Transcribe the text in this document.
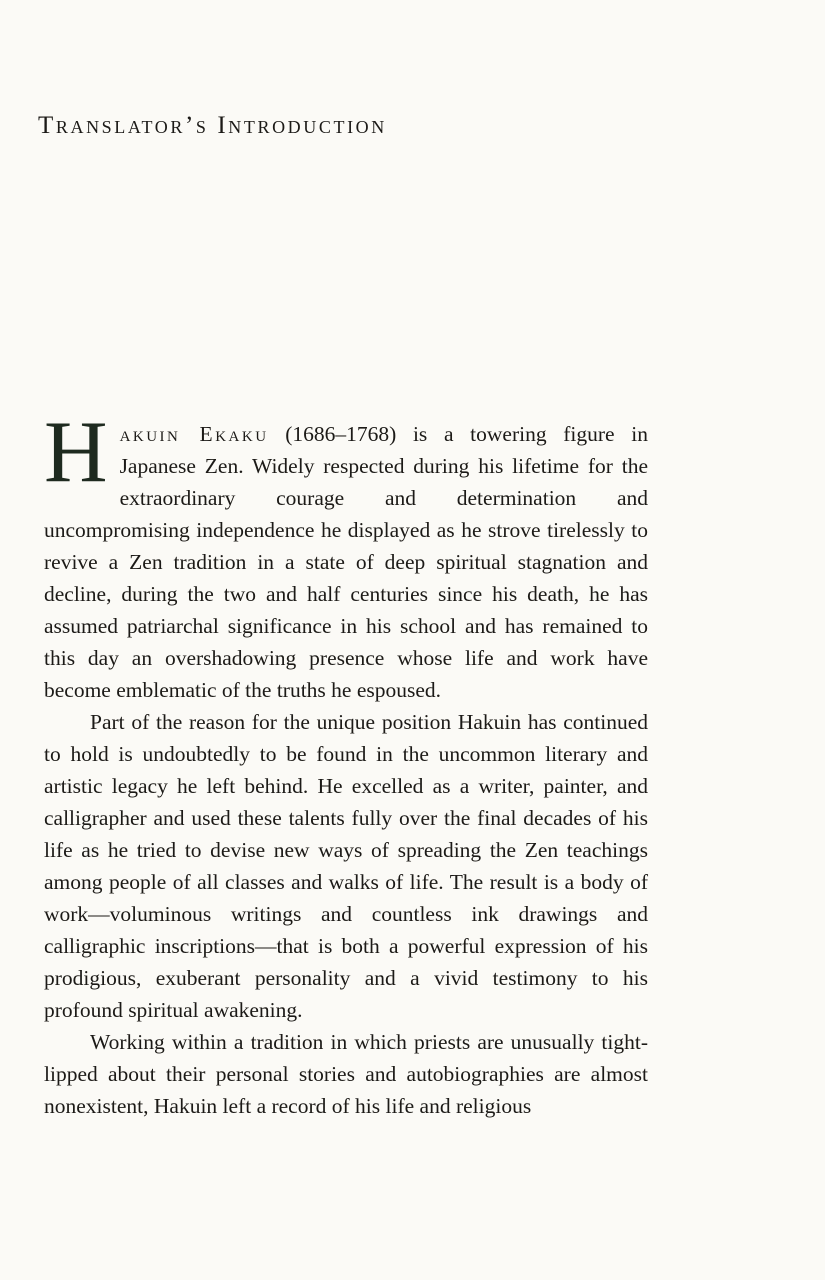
Translator’s Introduction

Hakuin Ekaku (1686–1768) is a towering figure in Japanese Zen. Widely respected during his lifetime for the extraordinary courage and determination and uncompromising independence he displayed as he strove tirelessly to revive a Zen tradition in a state of deep spiritual stagnation and decline, during the two and half centuries since his death, he has assumed patriarchal significance in his school and has remained to this day an overshadowing presence whose life and work have become emblematic of the truths he espoused.

Part of the reason for the unique position Hakuin has continued to hold is undoubtedly to be found in the uncommon literary and artistic legacy he left behind. He excelled as a writer, painter, and calligrapher and used these talents fully over the final decades of his life as he tried to devise new ways of spreading the Zen teachings among people of all classes and walks of life. The result is a body of work—voluminous writings and countless ink drawings and calligraphic inscriptions—that is both a powerful expression of his prodigious, exuberant personality and a vivid testimony to his profound spiritual awakening.

Working within a tradition in which priests are unusually tight-lipped about their personal stories and autobiographies are almost nonexistent, Hakuin left a record of his life and religious
